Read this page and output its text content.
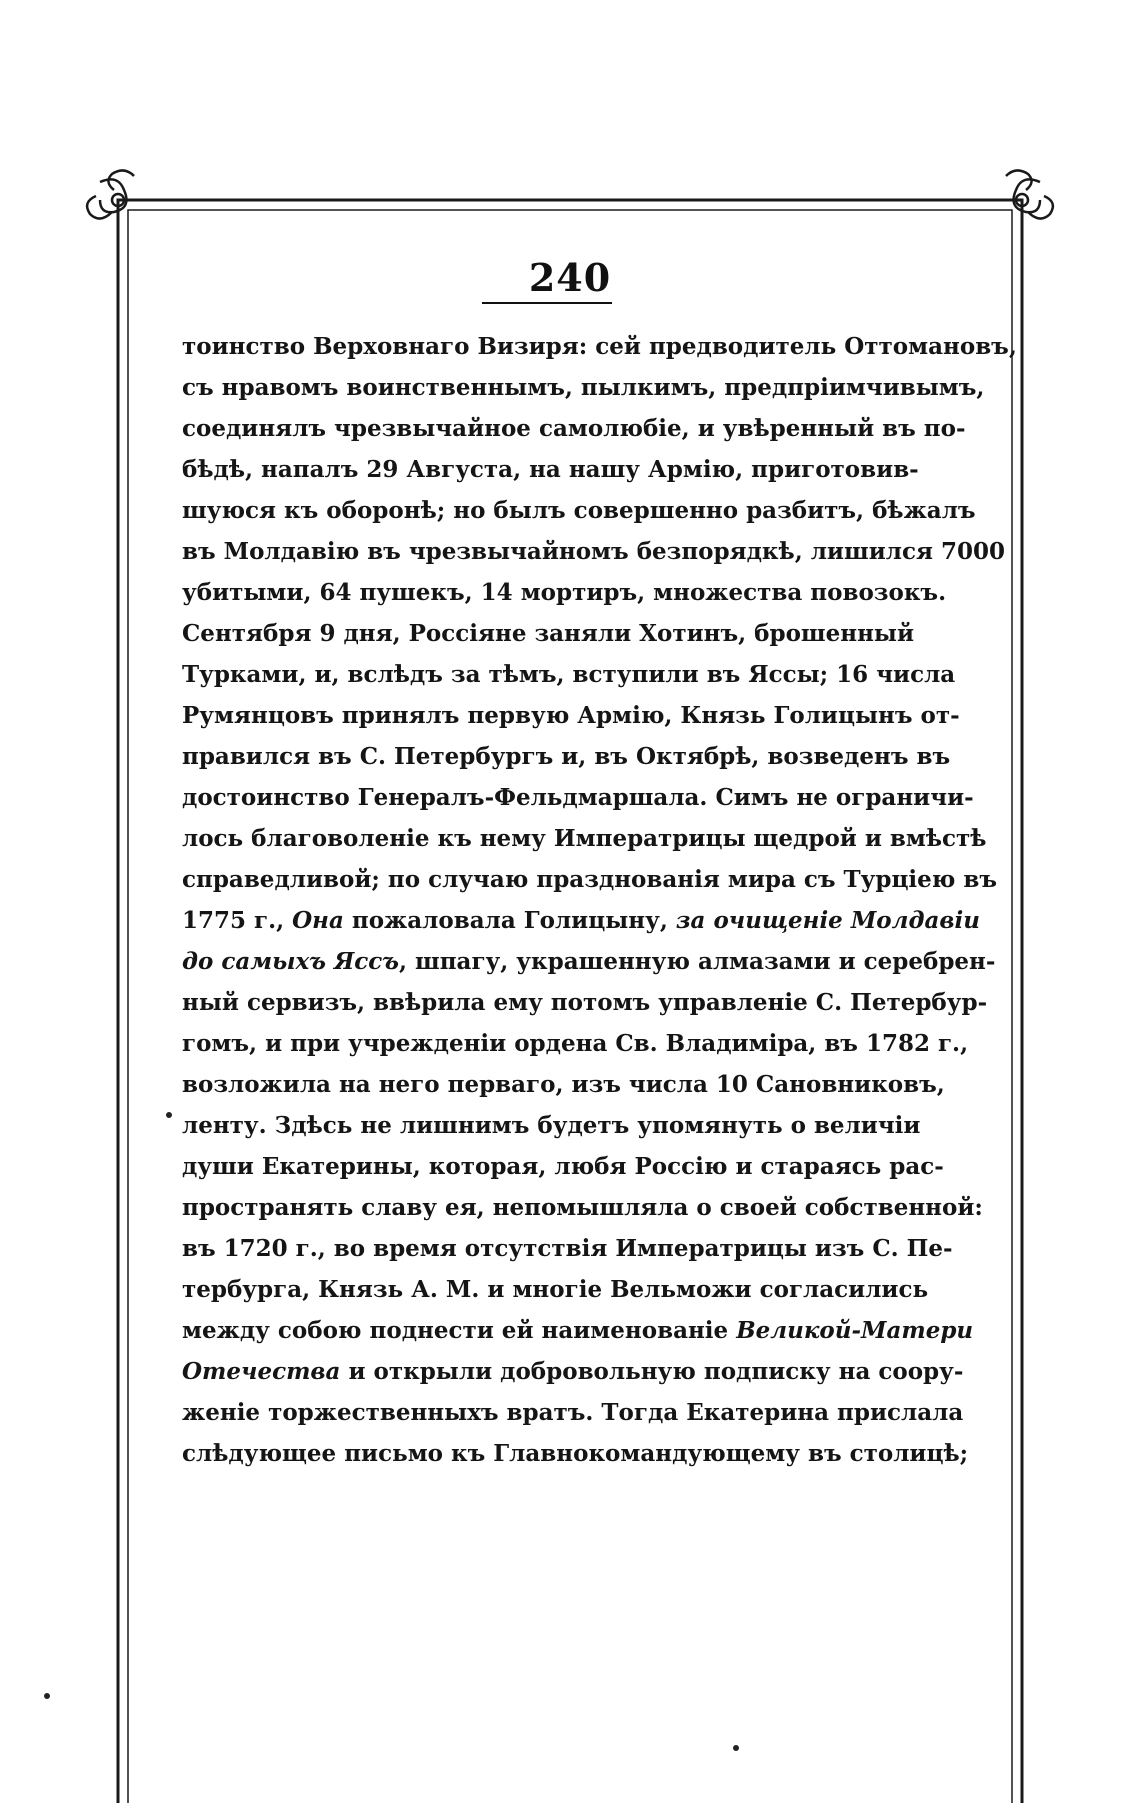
240
тоинство Верховнаго Визиря: сей предводитель Оттомановъ,
съ нравомъ воинственнымъ, пылкимъ, предпріимчивымъ,
соединялъ чрезвычайное самолюбіе, и увѣренный въ по-
бѣдѣ, напалъ 29 Августа, на нашу Армію, приготовив-
шуюся къ оборонѣ; но былъ совершенно разбитъ, бѣжалъ
въ Молдавію въ чрезвычайномъ безпорядкѣ, лишился 7000
убитыми, 64 пушекъ, 14 мортиръ, множества повозокъ.
Сентября 9 дня, Россіяне заняли Хотинъ, брошенный
Турками, и, вслѣдъ за тѣмъ, вступили въ Яссы; 16 числа
Румянцовъ принялъ первую Армію, Князь Голицынъ от-
правился въ С. Петербургъ и, въ Октябрѣ, возведенъ въ
достоинство Генералъ-Фельдмаршала. Симъ не ограничи-
лось благоволеніе къ нему Императрицы щедрой и вмѣстѣ
справедливой; по случаю празднованія мира съ Турціею въ
1775 г., Она пожаловала Голицыну, за очищеніе Молдавіи
до самыхъ Яссъ, шпагу, украшенную алмазами и серебрен-
ный сервизъ, ввѣрила ему потомъ управленіе С. Петербур-
гомъ, и при учрежденіи ордена Св. Владиміра, въ 1782 г.,
возложила на него перваго, изъ числа 10 Сановниковъ,
ленту. Здѣсь не лишнимъ будетъ упомянуть о величіи
души Екатерины, которая, любя Россію и стараясь рас-
пространять славу ея, непомышляла о своей собственной:
въ 1720 г., во время отсутствія Императрицы изъ С. Пе-
тербурга, Князь А. М. и многіе Вельможи согласились
между собою поднести ей наименованіе Великой-Матери
Отечества и открыли добровольную подписку на соору-
женіе торжественныхъ вратъ. Тогда Екатерина прислала
слѣдующее письмо къ Главнокомандующему въ столицѣ;
